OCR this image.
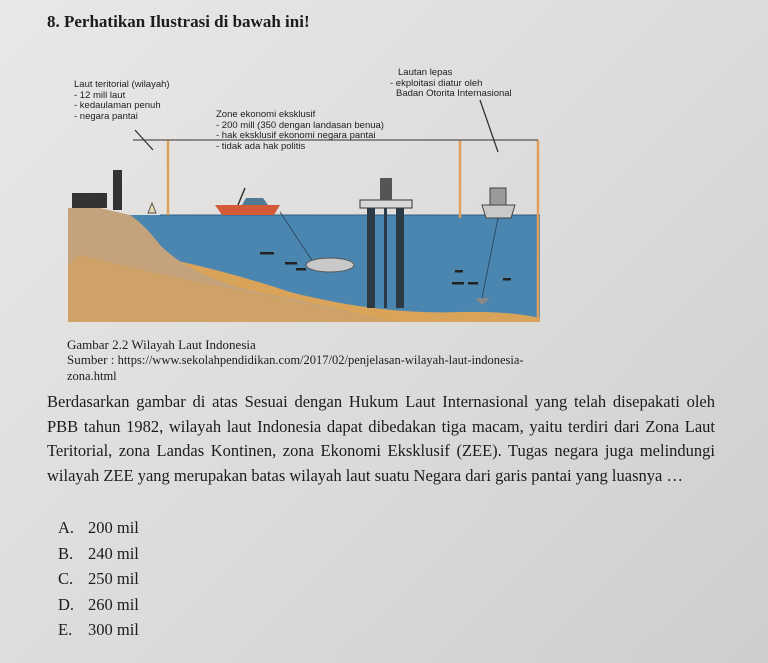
8. Perhatikan Ilustrasi di bawah ini!
Lautan lepas
- ekploitasi diatur oleh
Badan Otorita Internasional
Laut teritorial (wilayah)
- 12 mill laut
- kedaulaman penuh
- negara pantai	Zone ekonomi eksklusif
- 200 mill (350 dengan landasan benua)
- hak eksklusif ekonomi negara pantai
- tidak ada hak politis
Gambar 2.2 Wilayah Laut Indonesia
Sumber : https://www.sekolahpendidikan.com/2017/02/penjelasan-wilayah-laut-indonesia-zona.html
Berdasarkan gambar di atas Sesuai dengan Hukum Laut Internasional yang telah disepakati oleh PBB tahun 1982, wilayah laut Indonesia dapat dibedakan tiga macam, yaitu terdiri dari Zona Laut Teritorial, zona Landas Kontinen, zona Ekonomi Eksklusif (ZEE). Tugas negara juga melindungi wilayah ZEE yang merupakan batas wilayah laut suatu Negara dari garis pantai yang luasnya …
A. 200 mil
B. 240 mil
C. 250 mil
D. 260 mil
E. 300 mil
